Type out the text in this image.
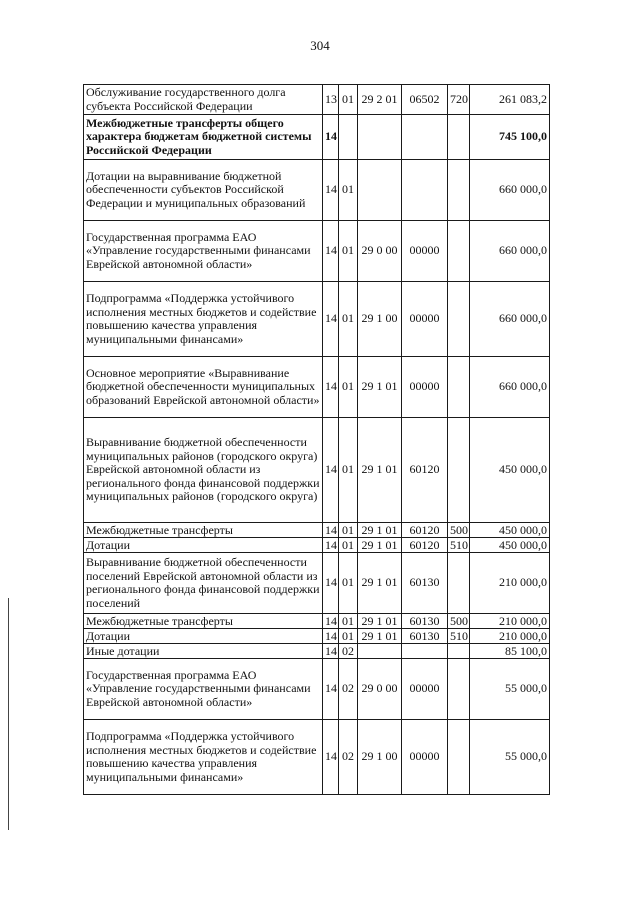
304
Обслуживание государственного долга субъекта Российской Федерации	13	01	29 2 01	06502	720	261 083,2
Межбюджетные трансферты общего характера бюджетам бюджетной системы Российской Федерации	14					745 100,0
Дотации на выравнивание бюджетной обеспеченности субъектов Российской Федерации и муниципальных образований	14	01				660 000,0
Государственная программа ЕАО «Управление государственными финансами Еврейской автономной области»	14	01	29 0 00	00000		660 000,0
Подпрограмма «Поддержка устойчивого исполнения местных бюджетов и содействие повышению качества управления муниципальными финансами»	14	01	29 1 00	00000		660 000,0
Основное мероприятие «Выравнивание бюджетной обеспеченности муниципальных образований Еврейской автономной области»	14	01	29 1 01	00000		660 000,0
Выравнивание бюджетной обеспеченности муниципальных районов (городского округа) Еврейской автономной области из регионального фонда финансовой поддержки муниципальных районов (городского округа)	14	01	29 1 01	60120		450 000,0
Межбюджетные трансферты	14	01	29 1 01	60120	500	450 000,0
Дотации	14	01	29 1 01	60120	510	450 000,0
Выравнивание бюджетной обеспеченности поселений Еврейской автономной области из регионального фонда финансовой поддержки поселений	14	01	29 1 01	60130		210 000,0
Межбюджетные трансферты	14	01	29 1 01	60130	500	210 000,0
Дотации	14	01	29 1 01	60130	510	210 000,0
Иные дотации	14	02				85 100,0
Государственная программа ЕАО «Управление государственными финансами Еврейской автономной области»	14	02	29 0 00	00000		55 000,0
Подпрограмма «Поддержка устойчивого исполнения местных бюджетов и содействие повышению качества управления муниципальными финансами»	14	02	29 1 00	00000		55 000,0
